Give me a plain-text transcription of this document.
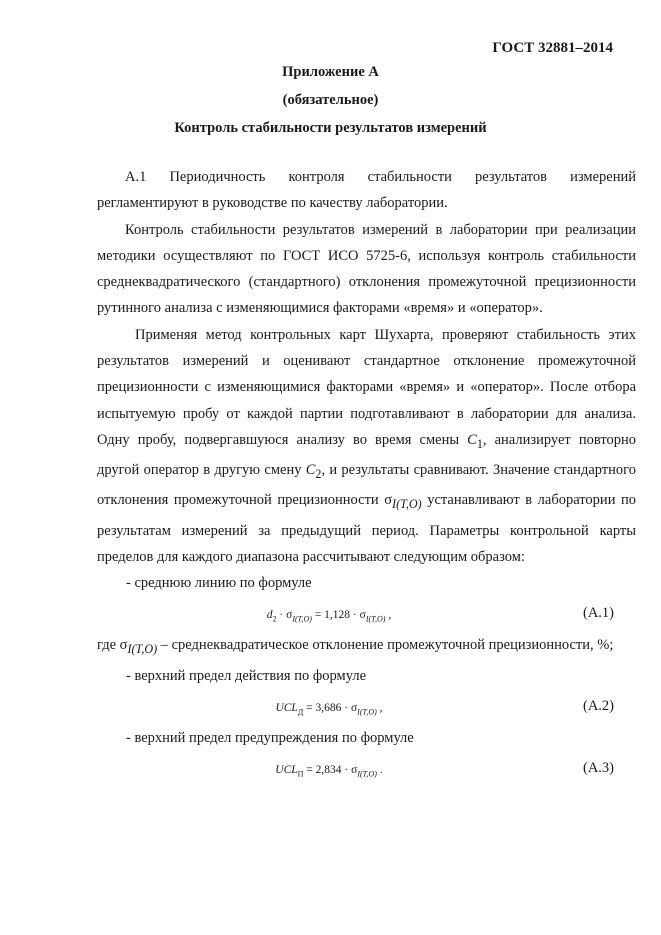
ГОСТ 32881–2014
Приложение А
(обязательное)
Контроль стабильности результатов измерений

А.1 Периодичность контроля стабильности результатов измерений регламентируют в руководстве по качеству лаборатории.

Контроль стабильности результатов измерений в лаборатории при реализации методики осуществляют по ГОСТ ИСО 5725-6, используя контроль стабильности среднеквадратического (стандартного) отклонения промежуточной прецизионности рутинного анализа с изменяющимися факторами «время» и «оператор».

Применяя метод контрольных карт Шухарта, проверяют стабильность этих результатов измерений и оценивают стандартное отклонение промежуточной прецизионности с изменяющимися факторами «время» и «оператор». После отбора испытуемую пробу от каждой партии подготавливают в лаборатории для анализа. Одну пробу, подвергавшуюся анализу во время смены $C_1$, анализирует повторно другой оператор в другую смену $C_2$, и результаты сравнивают. Значение стандартного отклонения промежуточной прецизионности $\sigma_{I(T,O)}$ устанавливают в лаборатории по результатам измерений за предыдущий период. Параметры контрольной карты пределов для каждого диапазона рассчитывают следующим образом:

- среднюю линию по формуле

$d_2 \cdot \sigma_{I(T,O)} = 1,128 \cdot \sigma_{I(T,O)}$ ,	(А.1)

где $\sigma_{I(T,O)}$ – среднеквадратическое отклонение промежуточной прецизионности, %;

- верхний предел действия по формуле

$UCL_Д = 3,686 \cdot \sigma_{I(T,O)}$ ,	(А.2)

- верхний предел предупреждения по формуле

$UCL_П = 2,834 \cdot \sigma_{I(T,O)}$ .	(А.3)
